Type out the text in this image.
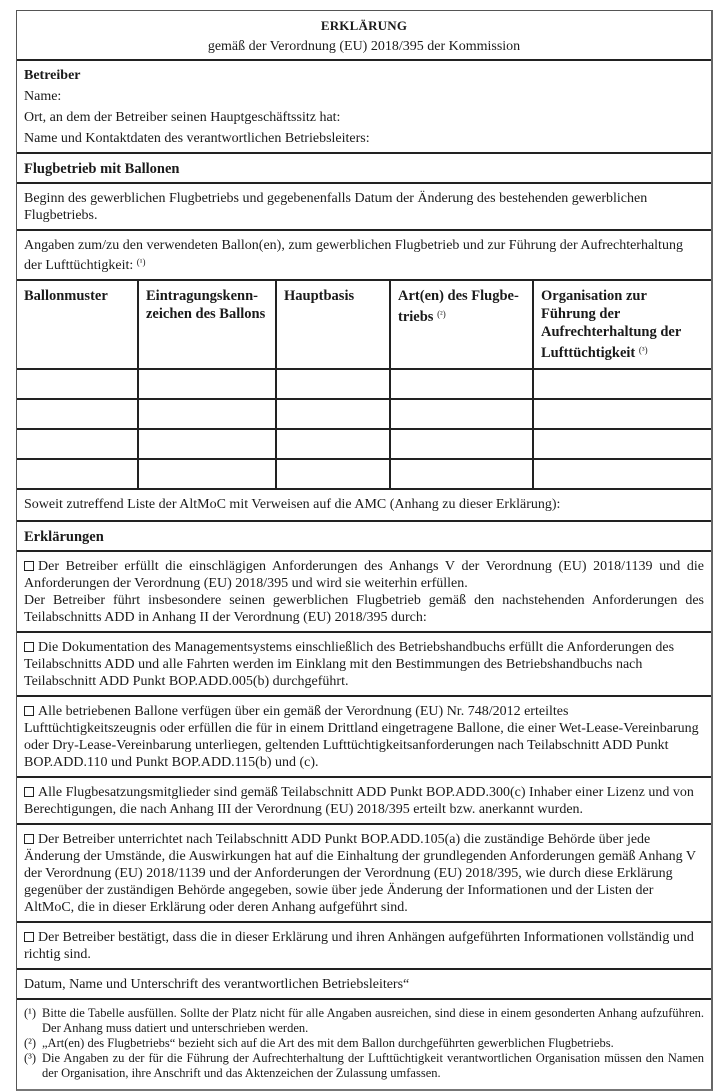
ERKLÄRUNG
gemäß der Verordnung (EU) 2018/395 der Kommission
Betreiber
Name:
Ort, an dem der Betreiber seinen Hauptgeschäftssitz hat:
Name und Kontaktdaten des verantwortlichen Betriebsleiters:
Flugbetrieb mit Ballonen
Beginn des gewerblichen Flugbetriebs und gegebenenfalls Datum der Änderung des bestehenden gewerblichen Flugbetriebs.
Angaben zum/zu den verwendeten Ballon(en), zum gewerblichen Flugbetrieb und zur Führung der Aufrechterhaltung der Lufttüchtigkeit: $^{(^1)}$
Ballonmuster	Eintragungskenn-zeichen des Ballons	Hauptbasis	Art(en) des Flugbe-triebs $^{(^2)}$	Organisation zur Führung der Aufrechterhaltung der Lufttüchtigkeit $^{(^3)}$

Soweit zutreffend Liste der AltMoC mit Verweisen auf die AMC (Anhang zu dieser Erklärung):
Erklärungen
Der Betreiber erfüllt die einschlägigen Anforderungen des Anhangs V der Verordnung (EU) 2018/1139 und die Anforderungen der Verordnung (EU) 2018/395 und wird sie weiterhin erfüllen.
Der Betreiber führt insbesondere seinen gewerblichen Flugbetrieb gemäß den nachstehenden Anforderungen des Teilabschnitts ADD in Anhang II der Verordnung (EU) 2018/395 durch:
Die Dokumentation des Managementsystems einschließlich des Betriebshandbuchs erfüllt die Anforderungen des Teilabschnitts ADD und alle Fahrten werden im Einklang mit den Bestimmungen des Betriebshandbuchs nach Teilabschnitt ADD Punkt BOP.ADD.005(b) durchgeführt.
Alle betriebenen Ballone verfügen über ein gemäß der Verordnung (EU) Nr. 748/2012 erteiltes Lufttüchtigkeitszeugnis oder erfüllen die für in einem Drittland eingetragene Ballone, die einer Wet-Lease-Vereinbarung oder Dry-Lease-Vereinbarung unterliegen, geltenden Lufttüchtigkeitsanforderungen nach Teilabschnitt ADD Punkt BOP.ADD.110 und Punkt BOP.ADD.115(b) und (c).
Alle Flugbesatzungsmitglieder sind gemäß Teilabschnitt ADD Punkt BOP.ADD.300(c) Inhaber einer Lizenz und von Berechtigungen, die nach Anhang III der Verordnung (EU) 2018/395 erteilt bzw. anerkannt wurden.
Der Betreiber unterrichtet nach Teilabschnitt ADD Punkt BOP.ADD.105(a) die zuständige Behörde über jede Änderung der Umstände, die Auswirkungen hat auf die Einhaltung der grundlegenden Anforderungen gemäß Anhang V der Verordnung (EU) 2018/1139 und der Anforderungen der Verordnung (EU) 2018/395, wie durch diese Erklärung gegenüber der zuständigen Behörde angegeben, sowie über jede Änderung der Informationen und der Listen der AltMoC, die in dieser Erklärung oder deren Anhang aufgeführt sind.
Der Betreiber bestätigt, dass die in dieser Erklärung und ihren Anhängen aufgeführten Informationen vollständig und richtig sind.
Datum, Name und Unterschrift des verantwortlichen Betriebsleiters“
(¹) Bitte die Tabelle ausfüllen. Sollte der Platz nicht für alle Angaben ausreichen, sind diese in einem gesonderten Anhang aufzuführen. Der Anhang muss datiert und unterschrieben werden.
(²) „Art(en) des Flugbetriebs“ bezieht sich auf die Art des mit dem Ballon durchgeführten gewerblichen Flugbetriebs.
(³) Die Angaben zu der für die Führung der Aufrechterhaltung der Lufttüchtigkeit verantwortlichen Organisation müssen den Namen der Organisation, ihre Anschrift und das Aktenzeichen der Zulassung umfassen.
